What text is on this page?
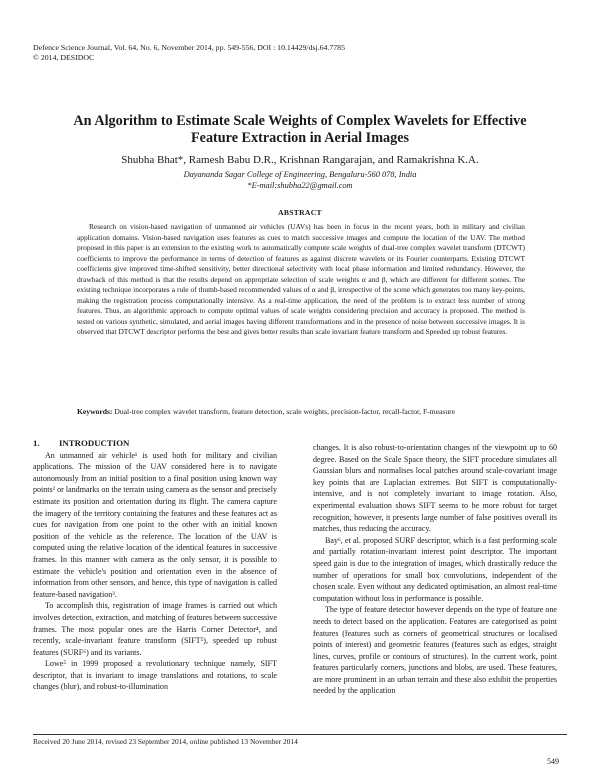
Defence Science Journal, Vol. 64, No. 6, November 2014, pp. 549-556, DOI : 10.14429/dsj.64.7785
© 2014, DESIDOC
An Algorithm to Estimate Scale Weights of Complex Wavelets for Effective Feature Extraction in Aerial Images
Shubha Bhat*, Ramesh Babu D.R., Krishnan Rangarajan, and Ramakrishna K.A.
Dayananda Sagar College of Engineering, Bengaluru-560 078, India
*E-mail:shubha22@gmail.com
ABSTRACT

Research on vision-based navigation of unmanned air vehicles (UAVs) has been in focus in the recent years, both in military and civilian application domains. Vision-based navigation uses features as cues to match successive images and compute the location of the UAV. The method proposed in this paper is an extension to the existing work to automatically compute scale weights of dual-tree complex wavelet transform (DTCWT) coefficients to improve the performance in terms of detection of features as against discrete wavelets or its Fourier counterparts. Existing DTCWT coefficients give improved time-shifted sensitivity, better directional selectivity with local phase information and limited redundancy. However, the drawback of this method is that the results depend on appropriate selection of scale weights α and β, which are different for different scenes. The existing technique incorporates a rule of thumb-based recommended values of α and β, irrespective of the scene which generates too many key-points, making the registration process computationally intensive. As a real-time application, the need of the problem is to extract less number of strong features. Thus, an algorithmic approach to compute optimal values of scale weights considering precision and accuracy is proposed. The method is tested on various synthetic, simulated, and aerial images having different transformations and in the presence of noise between successive images. It is observed that DTCWT descriptor performs the best and gives better results than scale invariant feature transform and Speeded up robust features.

Keywords: Dual-tree complex wavelet transform, feature detection, scale weights, precision-factor, recall-factor, F-measure

1. INTRODUCTION

An unmanned air vehicle¹ is used both for military and civilian applications. The mission of the UAV considered here is to navigate autonomously from an initial position to a final position using known way points² or landmarks on the terrain using camera as the sensor and precisely estimate its position and orientation during its flight. The camera capture the imagery of the territory containing the features and these features act as cues for navigation from one point to the other with an initial known position of the vehicle as the reference. The location of the UAV is computed using the relative location of the identical features in successive frames. In this manner with camera as the only sensor, it is possible to estimate the vehicle's position and orientation even in the absence of information from other sensors, and hence, this type of navigation is called feature-based navigation³.

To accomplish this, registration of image frames is carried out which involves detection, extraction, and matching of features between successive frames. The most popular ones are the Harris Corner Detector⁴, and recently, scale-invariant feature transform (SIFT⁵), speeded up robust features (SURF⁶) and its variants.

Lowe⁵ in 1999 proposed a revolutionary technique namely, SIFT descriptor, that is invariant to image translations and rotations, to scale changes (blur), and robust-to-illumination

changes. It is also robust-to-orientation changes of the viewpoint up to 60 degree. Based on the Scale Space theory, the SIFT procedure simulates all Gaussian blurs and normalises local patches around scale-covariant image key points that are Laplacian extremes. But SIFT is computationally-intensive, and is not completely invariant to image rotation. Also, experimental evaluation shows SIFT seems to be more robust for target recognition, however, it presents large number of false positives overall its matches, thus reducing the accuracy.

Bay⁶, et al. proposed SURF descriptor, which is a fast performing scale and partially rotation-invariant interest point descriptor. The important speed gain is due to the integration of images, which drastically reduce the number of operations for small box convolutions, independent of the chosen scale. Even without any dedicated optimisation, an almost real-time computation without loss in performance is possible.

The type of feature detector however depends on the type of feature one needs to detect based on the application. Features are categorised as point features (features such as corners of geometrical structures or localised points of interest) and geometric features (features such as edges, straight lines, curves, profile or contours of structures). In the current work, point features particularly corners, junctions and blobs, are used. These features, are more prominent in an urban terrain and these also exhibit the properties needed by the application

Received 20 June 2014, revised 23 September 2014, online published 13 November 2014
549
